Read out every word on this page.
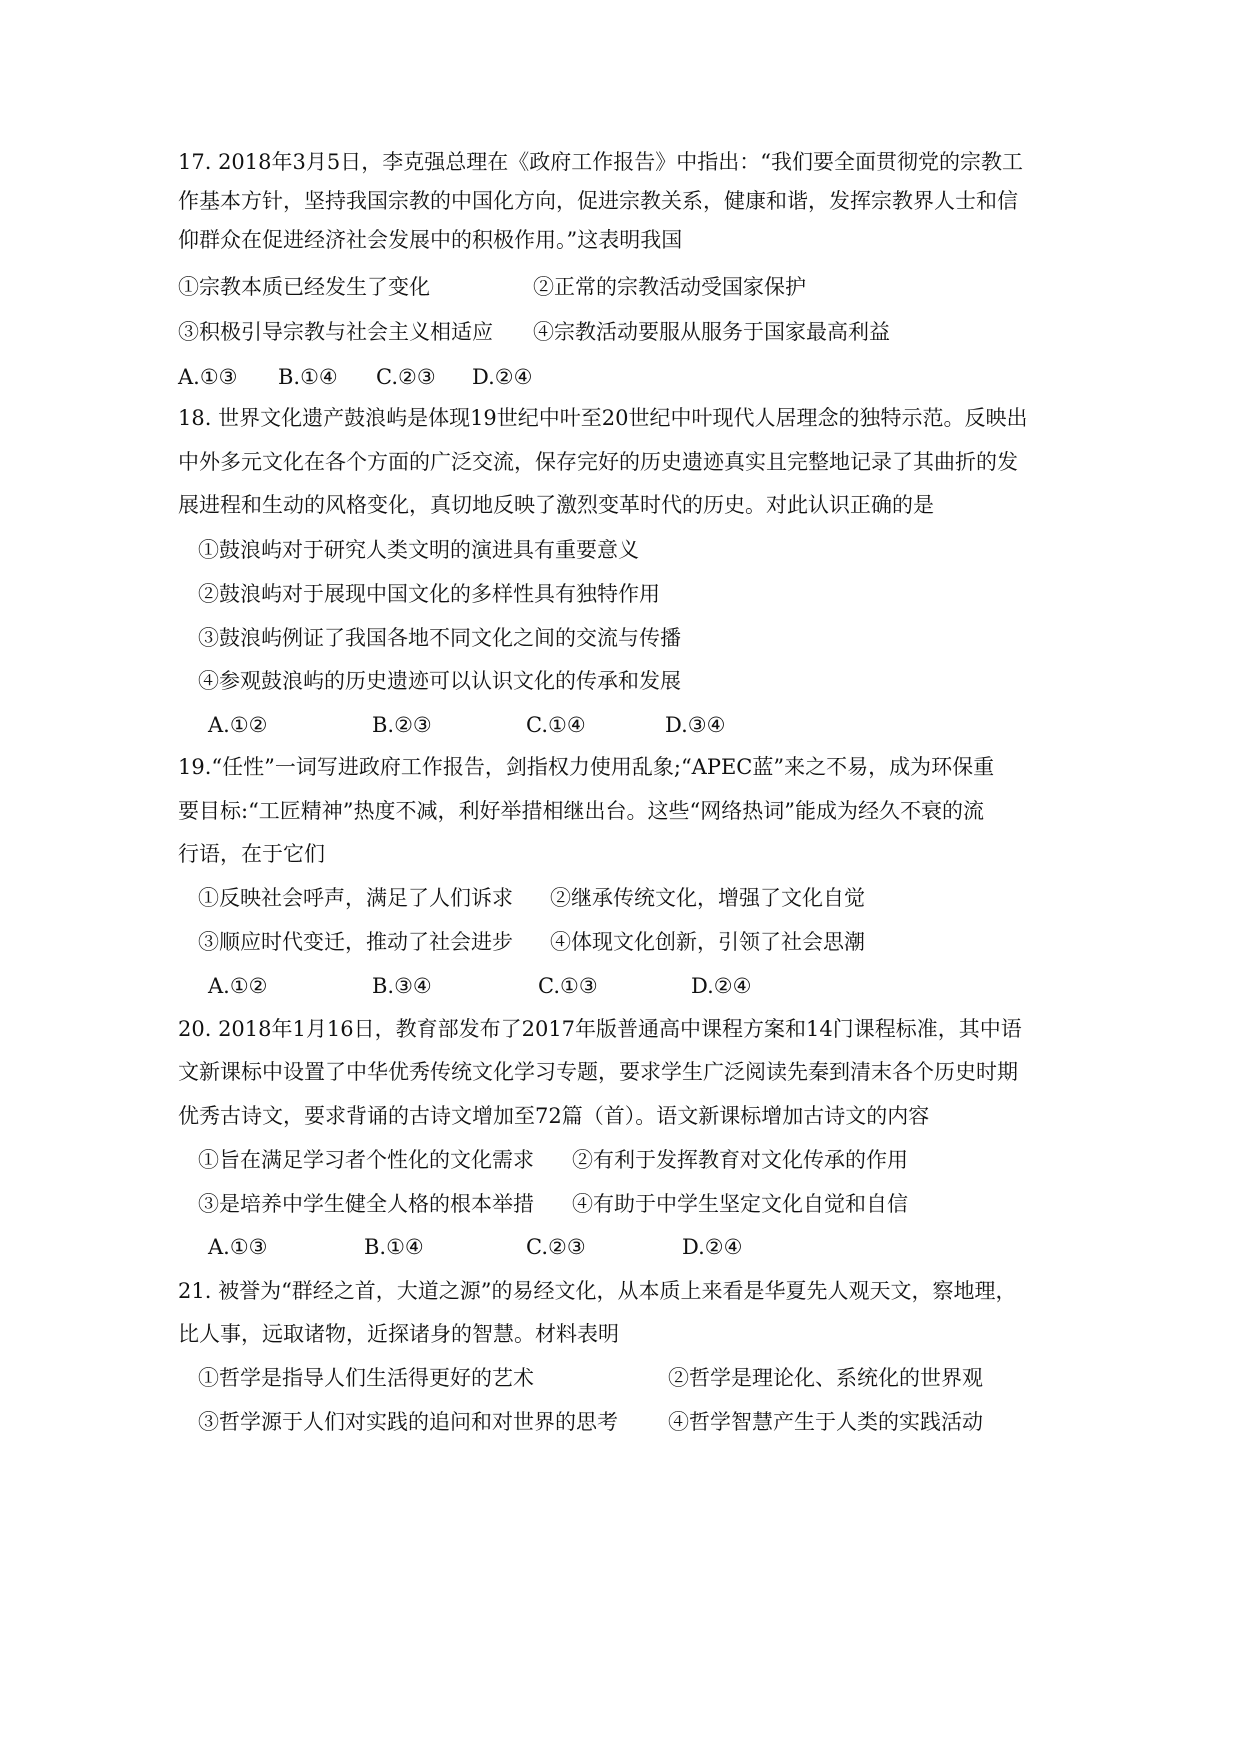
17. 2018年3月5日，李克强总理在《政府工作报告》中指出：“我们要全面贯彻党的宗教工
作基本方针，坚持我国宗教的中国化方向，促进宗教关系，健康和谐，发挥宗教界人士和信
仰群众在促进经济社会发展中的积极作用。”这表明我国
①宗教本质已经发生了变化	②正常的宗教活动受国家保护
③积极引导宗教与社会主义相适应 ④宗教活动要服从服务于国家最高利益
A.①③ B.①④ C.②③ D.②④
18. 世界文化遗产鼓浪屿是体现19世纪中叶至20世纪中叶现代人居理念的独特示范。反映出
中外多元文化在各个方面的广泛交流，保存完好的历史遗迹真实且完整地记录了其曲折的发
展进程和生动的风格变化，真切地反映了激烈变革时代的历史。对此认识正确的是
①鼓浪屿对于研究人类文明的演进具有重要意义
②鼓浪屿对于展现中国文化的多样性具有独特作用
③鼓浪屿例证了我国各地不同文化之间的交流与传播
④参观鼓浪屿的历史遗迹可以认识文化的传承和发展
A.①②	B.②③	C.①④	D.③④
19.“任性”一词写进政府工作报告，剑指权力使用乱象;“APEC蓝”来之不易，成为环保重
要目标:“工匠精神”热度不减，利好举措相继出台。这些“网络热词”能成为经久不衰的流
行语，在于它们
①反映社会呼声，满足了人们诉求 ②继承传统文化，增强了文化自觉
③顺应时代变迁，推动了社会进步 ④体现文化创新，引领了社会思潮
A.①②	B.③④	C.①③	D.②④
20. 2018年1月16日，教育部发布了2017年版普通高中课程方案和14门课程标准，其中语
文新课标中设置了中华优秀传统文化学习专题，要求学生广泛阅读先秦到清末各个历史时期
优秀古诗文，要求背诵的古诗文增加至72篇（首）。语文新课标增加古诗文的内容
①旨在满足学习者个性化的文化需求 ②有利于发挥教育对文化传承的作用
③是培养中学生健全人格的根本举措 ④有助于中学生坚定文化自觉和自信
A.①③	B.①④	C.②③	D.②④
21. 被誉为“群经之首，大道之源”的易经文化，从本质上来看是华夏先人观天文，察地理，
比人事，远取诸物，近探诸身的智慧。材料表明
①哲学是指导人们生活得更好的艺术	②哲学是理论化、系统化的世界观
③哲学源于人们对实践的追问和对世界的思考 ④哲学智慧产生于人类的实践活动
